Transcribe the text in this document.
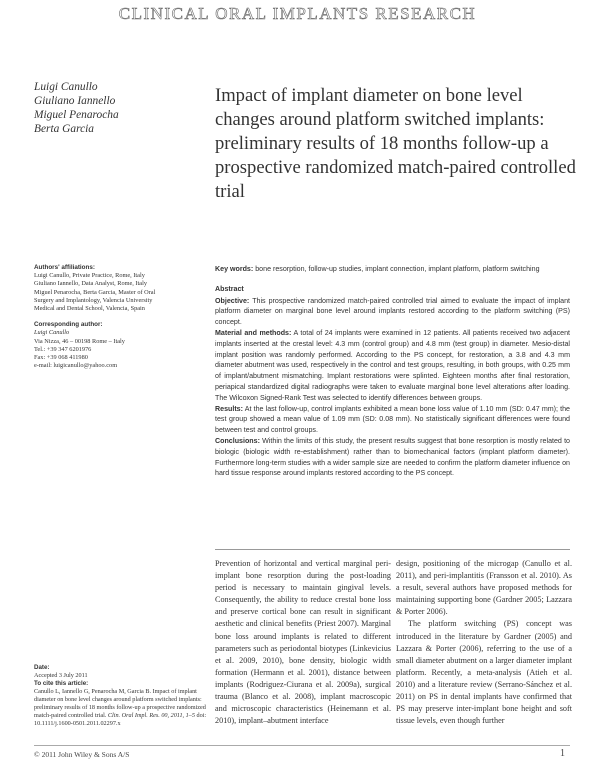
CLINICAL ORAL IMPLANTS RESEARCH
Luigi Canullo
Giuliano Iannello
Miguel Penarocha
Berta Garcia
Impact of implant diameter on bone level changes around platform switched implants: preliminary results of 18 months follow-up a prospective randomized match-paired controlled trial
Authors' affiliations:
Luigi Canullo, Private Practice, Rome, Italy
Giuliano Iannello, Data Analyst, Rome, Italy
Miguel Penarocha, Berta Garcia, Master of Oral
Surgery and Implantology, Valencia University
Medical and Dental School, Valencia, Spain
Corresponding author:
Luigi Canullo
Via Nizza, 46 – 00198 Rome – Italy
Tel.: +39 347 6201976
Fax: +39 068 411980
e-mail: luigicanullo@yahoo.com
Key words: bone resorption, follow-up studies, implant connection, implant platform, platform switching
Abstract
Objective: This prospective randomized match-paired controlled trial aimed to evaluate the impact of implant platform diameter on marginal bone level around implants restored according to the platform switching (PS) concept.
Material and methods: A total of 24 implants were examined in 12 patients. All patients received two adjacent implants inserted at the crestal level: 4.3 mm (control group) and 4.8 mm (test group) in diameter. Mesio-distal implant position was randomly performed. According to the PS concept, for restoration, a 3.8 and 4.3 mm diameter abutment was used, respectively in the control and test groups, resulting, in both groups, with 0.25 mm of implant/abutment mismatching. Implant restorations were splinted. Eighteen months after final restoration, periapical standardized digital radiographs were taken to evaluate marginal bone level alterations after loading. The Wilcoxon Signed-Rank Test was selected to identify differences between groups.
Results: At the last follow-up, control implants exhibited a mean bone loss value of 1.10 mm (SD: 0.47 mm); the test group showed a mean value of 1.09 mm (SD: 0.08 mm). No statistically significant differences were found between test and control groups.
Conclusions: Within the limits of this study, the present results suggest that bone resorption is mostly related to biologic (biologic width re-establishment) rather than to biomechanical factors (implant platform diameter). Furthermore long-term studies with a wider sample size are needed to confirm the platform diameter influence on hard tissue response around implants restored according to the PS concept.
Date:
Accepted 3 July 2011
To cite this article:
Canullo L, Iannello G, Penarocha M, Garcia B. Impact of implant diameter on bone level changes around platform switched implants: preliminary results of 18 months follow-up a prospective randomized match-paired controlled trial. Clin. Oral Impl. Res. 00, 2011, 1–5 doi: 10.1111/j.1600-0501.2011.02297.x
Prevention of horizontal and vertical marginal peri-implant bone resorption during the post-loading period is necessary to maintain gingival levels. Consequently, the ability to reduce crestal bone loss and preserve cortical bone can result in significant aesthetic and clinical benefits (Priest 2007). Marginal bone loss around implants is related to different parameters such as periodontal biotypes (Linkevicius et al. 2009, 2010), bone density, biologic width formation (Hermann et al. 2001), distance between implants (Rodriguez-Ciurana et al. 2009a), surgical trauma (Blanco et al. 2008), implant macroscopic and microscopic characteristics (Heinemann et al. 2010), implant–abutment interface
design, positioning of the microgap (Canullo et al. 2011), and peri-implantitis (Fransson et al. 2010). As a result, several authors have proposed methods for maintaining supporting bone (Gardner 2005; Lazzara & Porter 2006).
The platform switching (PS) concept was introduced in the literature by Gardner (2005) and Lazzara & Porter (2006), referring to the use of a small diameter abutment on a larger diameter implant platform. Recently, a meta-analysis (Atieh et al. 2010) and a literature review (Serrano-Sánchez et al. 2011) on PS in dental implants have confirmed that PS may preserve inter-implant bone height and soft tissue levels, even though further
© 2011 John Wiley & Sons A/S	1
